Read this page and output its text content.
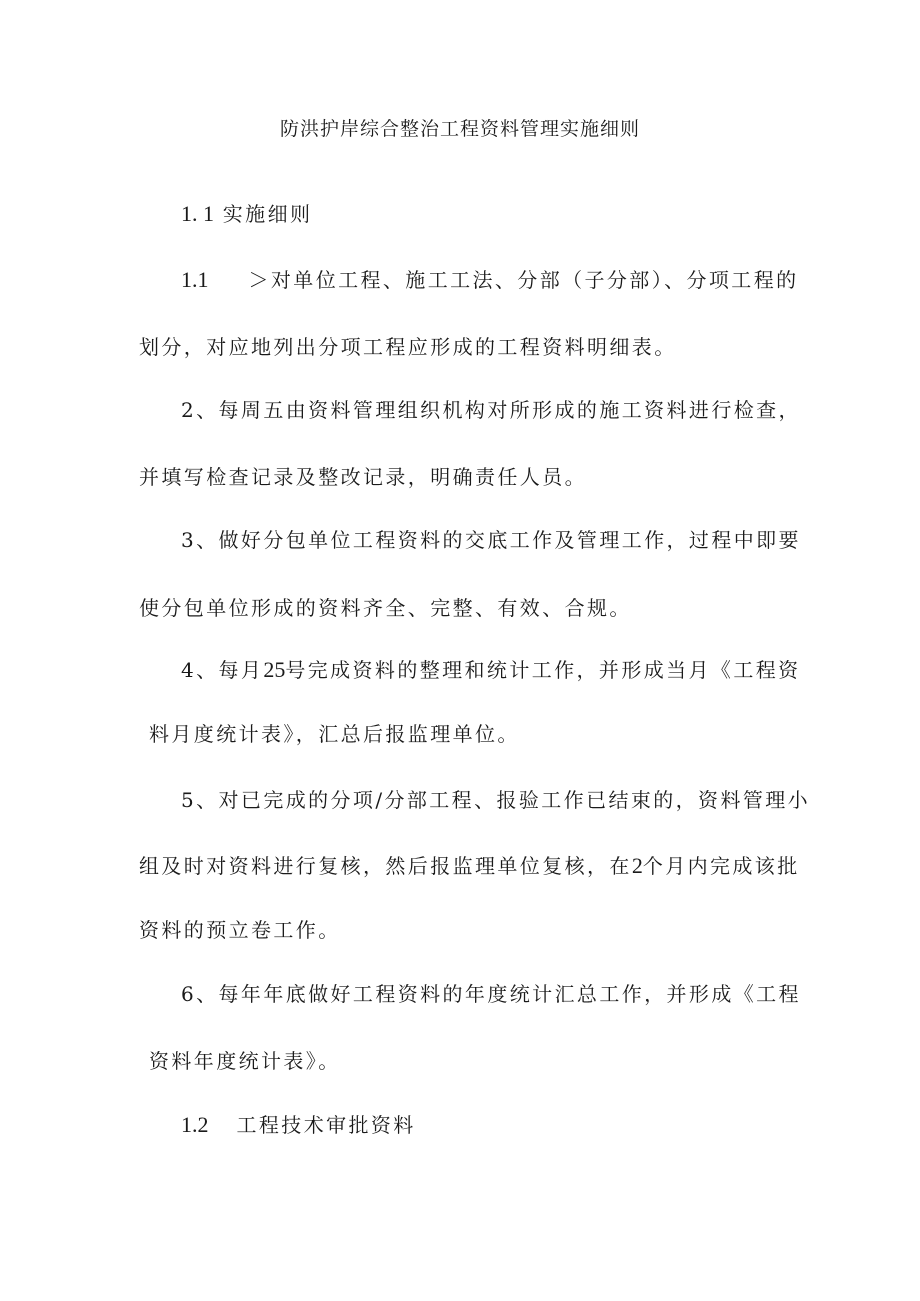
防洪护岸综合整治工程资料管理实施细则
1. 1 实施细则
1.1 ＞对单位工程、施工工法、分部（子分部）、分项工程的
划分，对应地列出分项工程应形成的工程资料明细表。
2、每周五由资料管理组织机构对所形成的施工资料进行检查，
并填写检查记录及整改记录，明确责任人员。
3、做好分包单位工程资料的交底工作及管理工作，过程中即要
使分包单位形成的资料齐全、完整、有效、合规。
4、每月25号完成资料的整理和统计工作，并形成当月《工程资
料月度统计表》，汇总后报监理单位。
5、对已完成的分项/分部工程、报验工作已结束的，资料管理小
组及时对资料进行复核，然后报监理单位复核，在2个月内完成该批
资料的预立卷工作。
6、每年年底做好工程资料的年度统计汇总工作，并形成《工程
资料年度统计表》。
1.2 工程技术审批资料
